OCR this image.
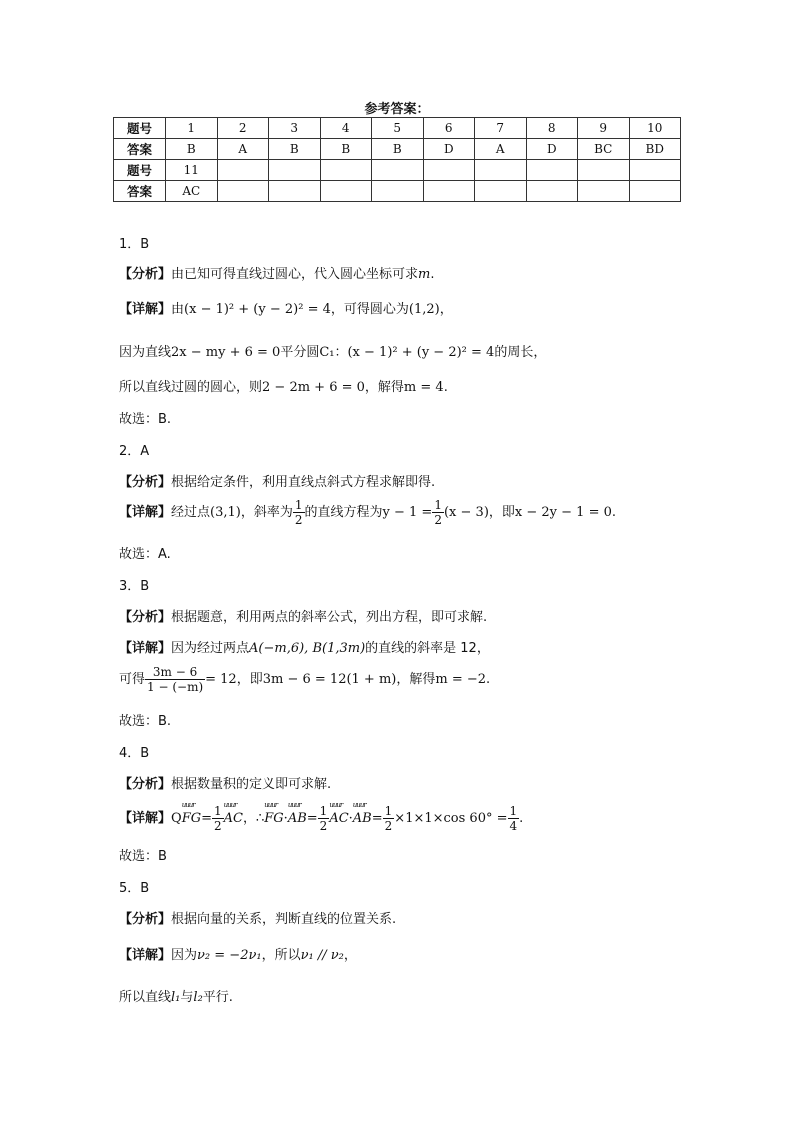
参考答案：
题号	1	2	3	4	5	6	7	8	9	10
答案	B	A	B	B	B	D	A	D	BC	BD
题号	11									
答案	AC									
1．B
【分析】由已知可得直线过圆心，代入圆心坐标可求m.
【详解】由(x − 1)² + (y − 2)² = 4，可得圆心为(1,2)，
因为直线2x − my + 6 = 0平分圆C₁：(x − 1)² + (y − 2)² = 4的周长，
所以直线过圆的圆心，则2 − 2m + 6 = 0，解得m = 4.
故选：B.
2．A
【分析】根据给定条件，利用直线点斜式方程求解即得.
【详解】经过点(3,1)，斜率为 $\frac{1}{2}$ 的直线方程为$y - 1 = \frac{1}{2} (x - 3)$，即x − 2y − 1 = 0.
故选：A.
3．B
【分析】根据题意，利用两点的斜率公式，列出方程，即可求解.
【详解】因为经过两点A(−m,6), B(1,3m)的直线的斜率是 12，
可得 $\frac{3m - 6}{1 - (-m)} = 12$，即3m − 6 = 12(1 + m)，解得m = −2.
故选：B.
4．B
【分析】根据数量积的定义即可求解.
【详解】Q
uuur
$FG= \frac{1}{2}$ uuur
AC，∴
uuur
FG·
uuur
$AB= \frac{1}{2}$ uuur
AC·
uuur
$AB= \frac{1}{2} \times 1\times 1\times\cos$ $60^\circ = \frac{1}{4}$ .
故选：B
5．B
【分析】根据向量的关系，判断直线的位置关系.
【详解】因为ν₂ = −2ν₁，所以ν₁ // ν₂，
所以直线l₁与l₂平行.
